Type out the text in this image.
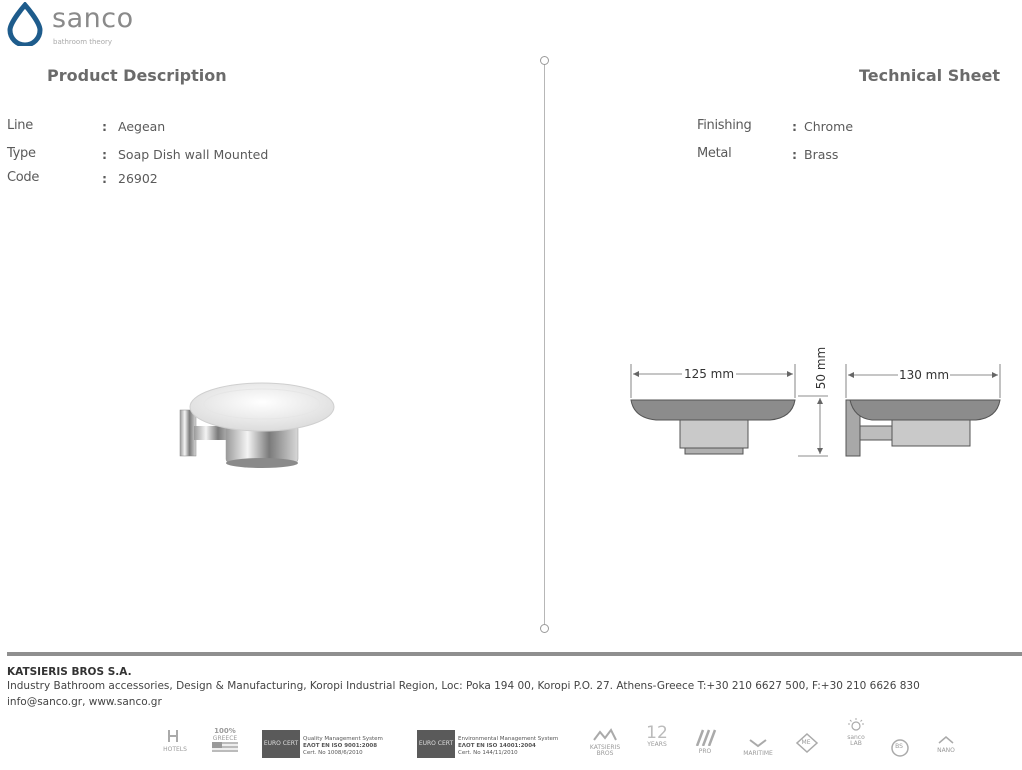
sanco
bathroom theory
Product Description	Technical Sheet
Line	: Aegean
Type	: Soap Dish wall Mounted
Code	: 26902
Finishing	: Chrome
Metal	: Brass
125 mm	50 mm	130 mm
KATSIERIS BROS S.A.
Industry Bathroom accessories, Design & Manufacturing, Koropi Industrial Region, Loc: Poka 194 00, Koropi P.O. 27. Athens-Greece T:+30 210 6627 500, F:+30 210 6626 830
info@sanco.gr, www.sanco.gr
HOTELS
100%
GREECE
EURO CERT
Quality Management System
ΕΛΟΤ ΕΝ ISO 9001:2008
Cert. No 1008/6/2010
EURO CERT
Environmental Management System
ΕΛΟΤ ΕΝ ISO 14001:2004
Cert. No 144/11/2010
KATSIERIS BROS
12
YEARS
PRO	MARITIME
ME
sanco LAB	BS
NANO
